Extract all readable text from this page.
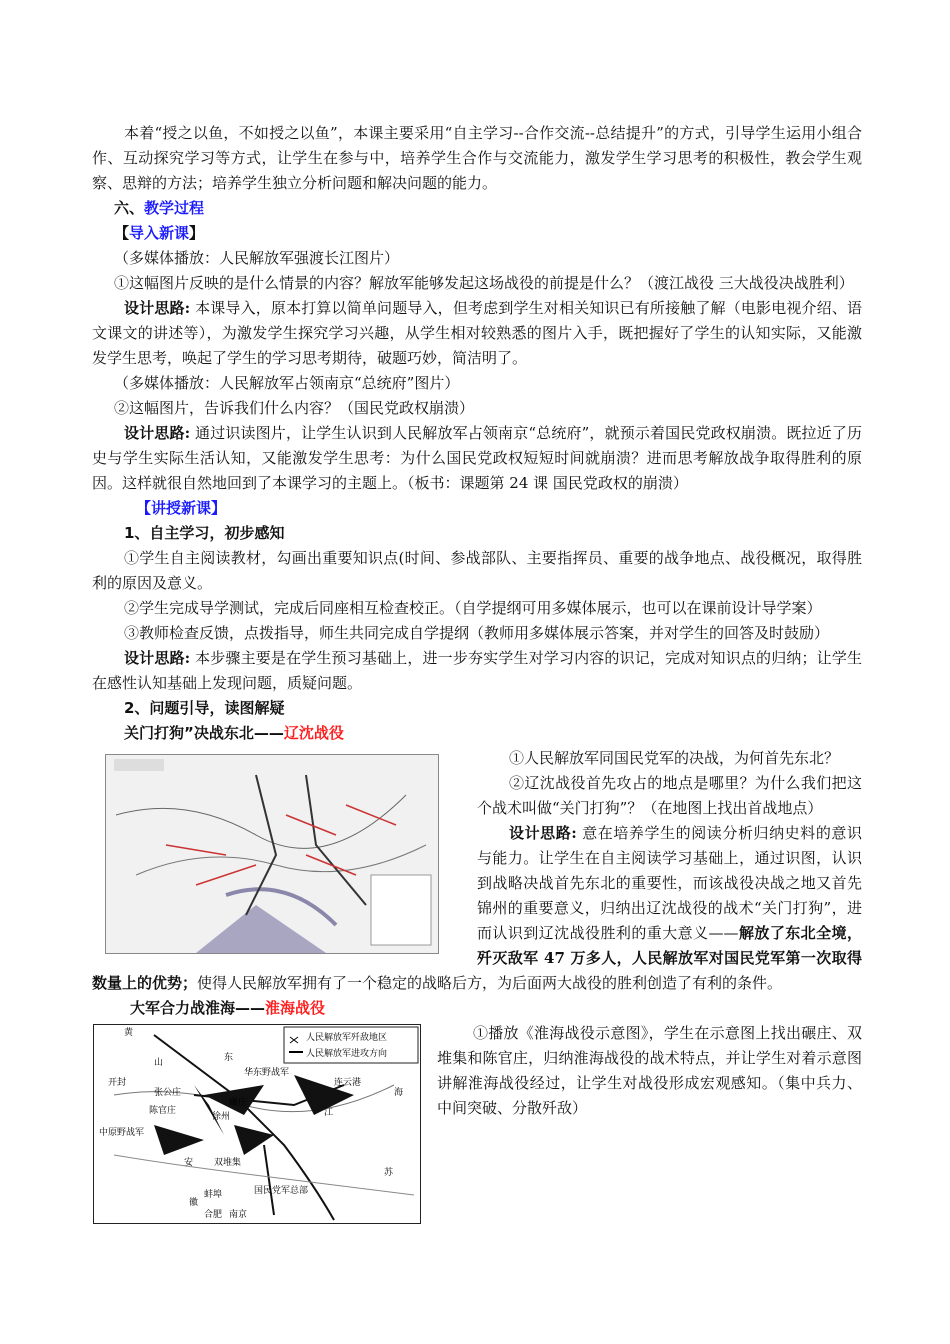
本着“授之以鱼，不如授之以鱼”，本课主要采用“自主学习--合作交流--总结提升”的方式，引导学生运用小组合作、互动探究学习等方式，让学生在参与中，培养学生合作与交流能力，激发学生学习思考的积极性，教会学生观察、思辩的方法；培养学生独立分析问题和解决问题的能力。

六、教学过程

【导入新课】

（多媒体播放：人民解放军强渡长江图片）

①这幅图片反映的是什么情景的内容？解放军能够发起这场战役的前提是什么？（渡江战役 三大战役决战胜利）

设计思路: 本课导入，原本打算以简单问题导入，但考虑到学生对相关知识已有所接触了解（电影电视介绍、语文课文的讲述等），为激发学生探究学习兴趣，从学生相对较熟悉的图片入手，既把握好了学生的认知实际，又能激发学生思考，唤起了学生的学习思考期待，破题巧妙，简洁明了。

（多媒体播放：人民解放军占领南京“总统府”图片）

②这幅图片，告诉我们什么内容？（国民党政权崩溃）

设计思路: 通过识读图片，让学生认识到人民解放军占领南京“总统府”，就预示着国民党政权崩溃。既拉近了历史与学生实际生活认知，又能激发学生思考：为什么国民党政权短短时间就崩溃？进而思考解放战争取得胜利的原因。这样就很自然地回到了本课学习的主题上。（板书：课题第 24 课 国民党政权的崩溃）

【讲授新课】

1、自主学习，初步感知

①学生自主阅读教材，勾画出重要知识点(时间、参战部队、主要指挥员、重要的战争地点、战役概况，取得胜利的原因及意义。

②学生完成导学测试，完成后同座相互检查校正。（自学提纲可用多媒体展示，也可以在课前设计导学案）

③教师检查反馈，点拨指导，师生共同完成自学提纲（教师用多媒体展示答案，并对学生的回答及时鼓励）

设计思路: 本步骤主要是在学生预习基础上，进一步夯实学生对学习内容的识记，完成对知识点的归纳；让学生在感性认知基础上发现问题，质疑问题。

2、问题引导，读图解疑

关门打狗”决战东北——辽沈战役

①人民解放军同国民党军的决战，为何首先东北？

②辽沈战役首先攻占的地点是哪里？为什么我们把这个战术叫做“关门打狗”？（在地图上找出首战地点）

设计思路: 意在培养学生的阅读分析归纳史料的意识与能力。让学生在自主阅读学习基础上，通过识图，认识到战略决战首先东北的重要性，而该战役决战之地又首先锦州的重要意义，归纳出辽沈战役的战术“关门打狗”，进而认识到辽沈战役胜利的重大意义——解放了东北全境，歼灭敌军 47 万多人，人民解放军对国民党军第一次取得数量上的优势；使得人民解放军拥有了一个稳定的战略后方，为后面两大战役的胜利创造了有利的条件。

大军合力战淮海——淮海战役

人民解放军歼敌地区
人民解放军进攻方向
开封
张公庄
陈官庄
徐州
碾庄
连云港
双堆集
蚌埠
合肥 南京
华东野战军
中原野战军
国民党军总部
山	东
黄
海
安
徽
江
苏

①播放《淮海战役示意图》，学生在示意图上找出碾庄、双堆集和陈官庄，归纳淮海战役的战术特点，并让学生对着示意图讲解淮海战役经过，让学生对战役形成宏观感知。（集中兵力、中间突破、分散歼敌）
